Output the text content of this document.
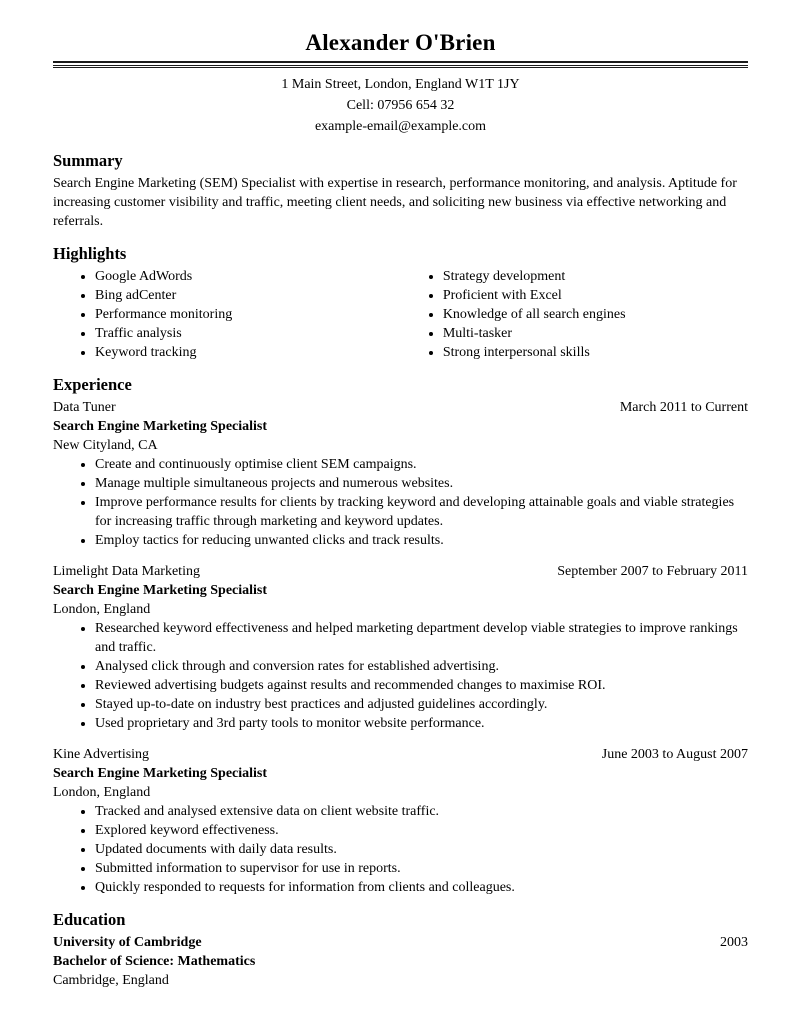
Alexander O'Brien
1 Main Street, London, England W1T 1JY
Cell: 07956 654 32
example-email@example.com
Summary

Search Engine Marketing (SEM) Specialist with expertise in research, performance monitoring, and analysis. Aptitude for increasing customer visibility and traffic, meeting client needs, and soliciting new business via effective networking and referrals.

Highlights
• Google AdWords
• Bing adCenter
• Performance monitoring
• Traffic analysis
• Keyword tracking
• Strategy development
• Proficient with Excel
• Knowledge of all search engines
• Multi-tasker
• Strong interpersonal skills
Experience
Data Tuner	March 2011 to Current
Search Engine Marketing Specialist
New Cityland, CA
• Create and continuously optimise client SEM campaigns.
• Manage multiple simultaneous projects and numerous websites.
• Improve performance results for clients by tracking keyword and developing attainable goals and viable strategies for increasing traffic through marketing and keyword updates.
• Employ tactics for reducing unwanted clicks and track results.
Limelight Data Marketing	September 2007 to February 2011
Search Engine Marketing Specialist
London, England
• Researched keyword effectiveness and helped marketing department develop viable strategies to improve rankings and traffic.
• Analysed click through and conversion rates for established advertising.
• Reviewed advertising budgets against results and recommended changes to maximise ROI.
• Stayed up-to-date on industry best practices and adjusted guidelines accordingly.
• Used proprietary and 3rd party tools to monitor website performance.
Kine Advertising	June 2003 to August 2007
Search Engine Marketing Specialist
London, England
• Tracked and analysed extensive data on client website traffic.
• Explored keyword effectiveness.
• Updated documents with daily data results.
• Submitted information to supervisor for use in reports.
• Quickly responded to requests for information from clients and colleagues.
Education
University of Cambridge	2003
Bachelor of Science: Mathematics
Cambridge, England
